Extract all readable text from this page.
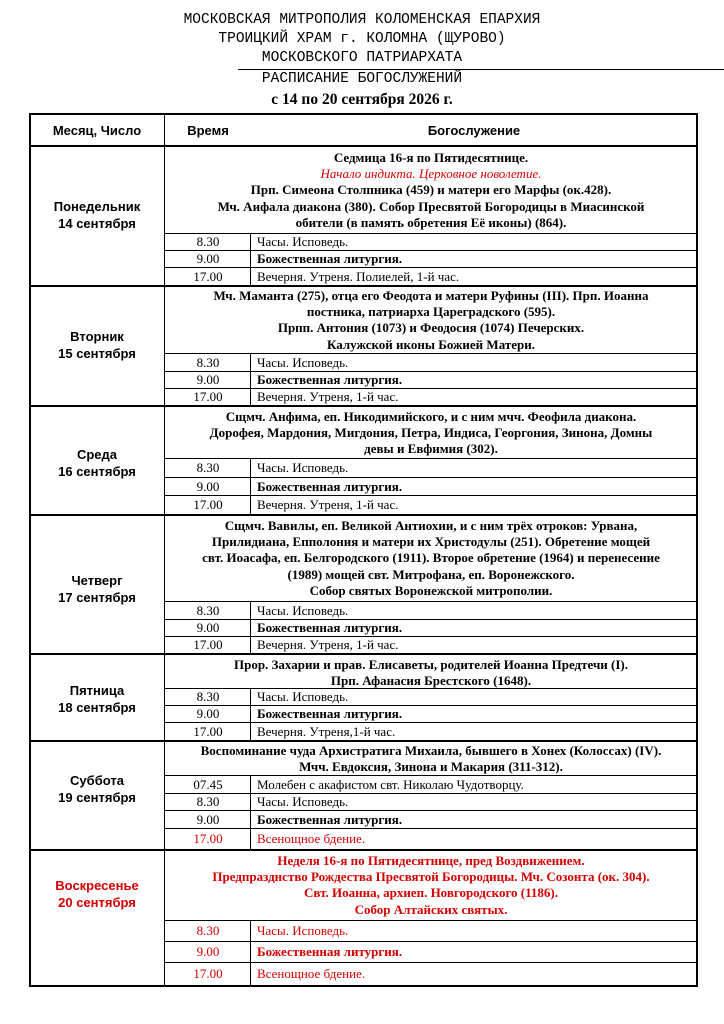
МОСКОВСКАЯ МИТРОПОЛИЯ КОЛОМЕНСКАЯ ЕПАРХИЯ
ТРОИЦКИЙ ХРАМ г. КОЛОМНА (ЩУРОВО)
МОСКОВСКОГО ПАТРИАРХАТА
РАСПИСАНИЕ БОГОСЛУЖЕНИЙ
с 14 по 20 сентября 2026 г.
Месяц, Число	Время	Богослужение
Понедельник
14 сентября
Седмица 16-я по Пятидесятнице.
Начало индикта. Церковное новолетие.
Прп. Симеона Столпника (459) и матери его Марфы (ок.428).
Мч. Аифала диакона (380). Собор Пресвятой Богородицы в Миасинской
обители (в память обретения Её иконы) (864).
8.30	Часы. Исповедь.
9.00	Божественная литургия.
17.00	Вечерня. Утреня. Полиелей, 1-й час.
Вторник
15 сентября
Мч. Маманта (275), отца его Феодота и матери Руфины (III). Прп. Иоанна
постника, патриарха Цареградского (595).
Прпп. Антония (1073) и Феодосия (1074) Печерских.
Калужской иконы Божией Матери.
8.30	Часы. Исповедь.
9.00	Божественная литургия.
17.00	Вечерня. Утреня, 1-й час.
Среда
16 сентября
Сщмч. Анфима, еп. Никодимийского, и с ним мчч. Феофила диакона.
Дорофея, Мардония, Мигдония, Петра, Индиса, Георгония, Зинона, Домны
девы и Евфимия (302).
8.30	Часы. Исповедь.
9.00	Божественная литургия.
17.00	Вечерня. Утреня, 1-й час.
Четверг
17 сентября
Сщмч. Вавилы, еп. Великой Антиохии, и с ним трёх отроков: Урвана,
Прилидиана, Епполония и матери их Христодулы (251). Обретение мощей
свт. Иоасафа, еп. Белгородского (1911). Второе обретение (1964) и перенесение
(1989) мощей свт. Митрофана, еп. Воронежского.
Собор святых Воронежской митрополии.
8.30	Часы. Исповедь.
9.00	Божественная литургия.
17.00	Вечерня. Утреня, 1-й час.
Пятница
18 сентября
Прор. Захарии и прав. Елисаветы, родителей Иоанна Предтечи (I).
Прп. Афанасия Брестского (1648).
8.30	Часы. Исповедь.
9.00	Божественная литургия.
17.00	Вечерня. Утреня,1-й час.
Суббота
19 сентября
Воспоминание чуда Архистратига Михаила, бывшего в Хонех (Колоссах) (IV).
Мчч. Евдоксия, Зинона и Макария (311-312).
07.45	Молебен с акафистом свт. Николаю Чудотворцу.
8.30	Часы. Исповедь.
9.00	Божественная литургия.
17.00	Всенощное бдение.
Воскресенье
20 сентября
Неделя 16-я по Пятидесятнице, пред Воздвижением.
Предпразднство Рождества Пресвятой Богородицы. Мч. Созонта (ок. 304).
Свт. Иоанна, архиеп. Новгородского (1186).
Собор Алтайских святых.
8.30	Часы. Исповедь.
9.00	Божественная литургия.
17.00	Всенощное бдение.
